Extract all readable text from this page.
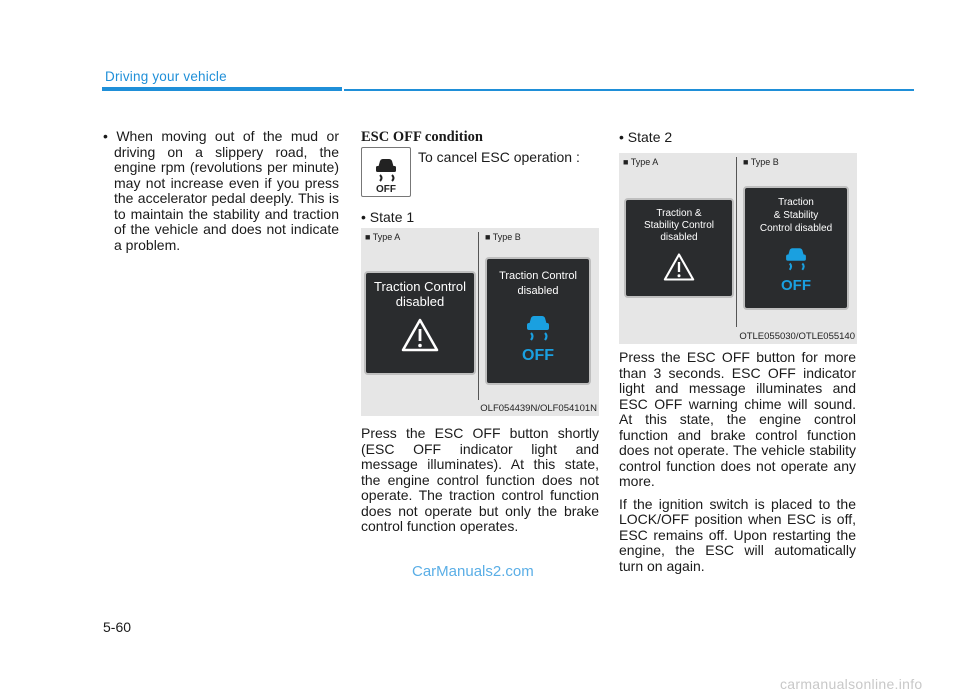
Driving your vehicle

• When moving out of the mud or driving on a slippery road, the engine rpm (revolutions per minute) may not increase even if you press the accelerator pedal deeply. This is to maintain the stability and traction of the vehicle and does not indicate a problem.

ESC OFF condition

OFF
To cancel ESC operation :
• State 1
■ Type A	■ Type B
Traction Control
disabled
Traction Control
disabled
OFF
OLF054439N/OLF054101N

Press the ESC OFF button shortly (ESC OFF indicator light and message illuminates). At this state, the engine control function does not operate. The traction control function does not operate but only the brake control function operates.

• State 2
■ Type A	■ Type B
Traction &
Stability Control
disabled
Traction
& Stability
Control disabled
OFF
OTLE055030/OTLE055140

Press the ESC OFF button for more than 3 seconds. ESC OFF indicator light and message illuminates and ESC OFF warning chime will sound. At this state, the engine control function and brake control function does not operate. The vehicle stability control function does not operate any more.

If the ignition switch is placed to the LOCK/OFF position when ESC is off, ESC remains off. Upon restarting the engine, the ESC will automatically turn on again.

CarManuals2.com
5-60
carmanualsonline.info
